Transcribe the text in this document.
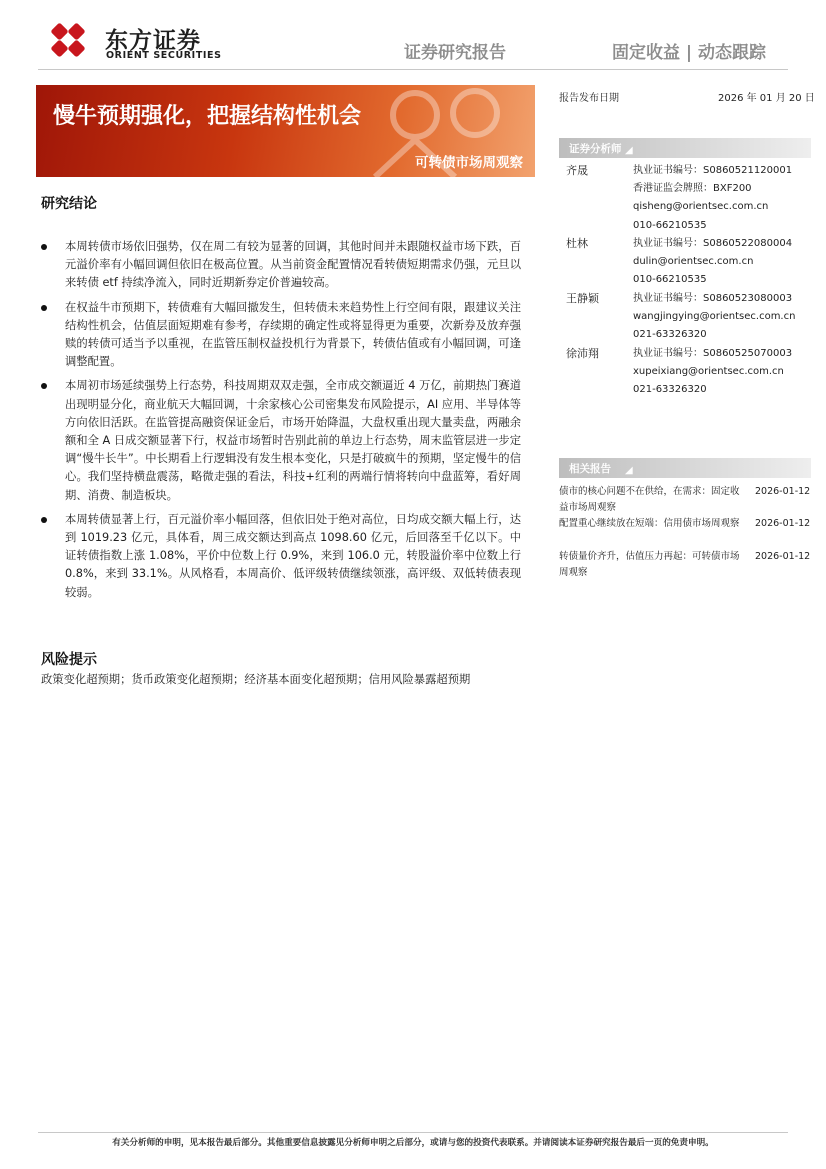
东方证券
ORIENT SECURITIES	证券研究报告	固定收益 | 动态跟踪
慢牛预期强化，把握结构性机会
可转债市场周观察
研究结论
本周转债市场依旧强势，仅在周二有较为显著的回调，其他时间并未跟随权益市场下跌，百元溢价率有小幅回调但依旧在极高位置。从当前资金配置情况看转债短期需求仍强，元旦以来转债 etf 持续净流入，同时近期新券定价普遍较高。
在权益牛市预期下，转债难有大幅回撤发生，但转债未来趋势性上行空间有限，跟建议关注结构性机会，估值层面短期难有参考，存续期的确定性或将显得更为重要，次新券及放弃强赎的转债可适当予以重视，在监管压制权益投机行为背景下，转债估值或有小幅回调，可逢调整配置。
本周初市场延续强势上行态势，科技周期双双走强，全市成交额逼近 4 万亿，前期热门赛道出现明显分化，商业航天大幅回调，十余家核心公司密集发布风险提示，AI 应用、半导体等方向依旧活跃。在监管提高融资保证金后，市场开始降温，大盘权重出现大量卖盘，两融余额和全 A 日成交额显著下行，权益市场暂时告别此前的单边上行态势，周末监管层进一步定调“慢牛长牛”。中长期看上行逻辑没有发生根本变化，只是打破疯牛的预期，坚定慢牛的信心。我们坚持横盘震荡，略微走强的看法，科技+红利的两端行情将转向中盘蓝筹，看好周期、消费、制造板块。
本周转债显著上行，百元溢价率小幅回落，但依旧处于绝对高位，日均成交额大幅上行，达到 1019.23 亿元，具体看，周三成交额达到高点 1098.60 亿元，后回落至千亿以下。中证转债指数上涨 1.08%，平价中位数上行 0.9%，来到 106.0 元，转股溢价率中位数上行 0.8%，来到 33.1%。从风格看，本周高价、低评级转债继续领涨，高评级、双低转债表现较弱。
风险提示
政策变化超预期；货币政策变化超预期；经济基本面变化超预期；信用风险暴露超预期
报告发布日期	2026 年 01 月 20 日
证券分析师 ◢
齐晟	执业证书编号：S0860521120001
香港证监会牌照：BXF200
qisheng@orientsec.com.cn
010-66210535
杜林	执业证书编号：S0860522080004
dulin@orientsec.com.cn
010-66210535
王静颖	执业证书编号：S0860523080003
wangjingying@orientsec.com.cn
021-63326320
徐沛翔	执业证书编号：S0860525070003
xupeixiang@orientsec.com.cn
021-63326320
相关报告 ◢
债市的核心问题不在供给，在需求：固定收益市场周观察
2026-01-12
配置重心继续放在短端：信用债市场周观察	2026-01-12
转债量价齐升，估值压力再起：可转债市场周观察
2026-01-12
有关分析师的申明，见本报告最后部分。其他重要信息披露见分析师申明之后部分，或请与您的投资代表联系。并请阅读本证券研究报告最后一页的免责申明。
